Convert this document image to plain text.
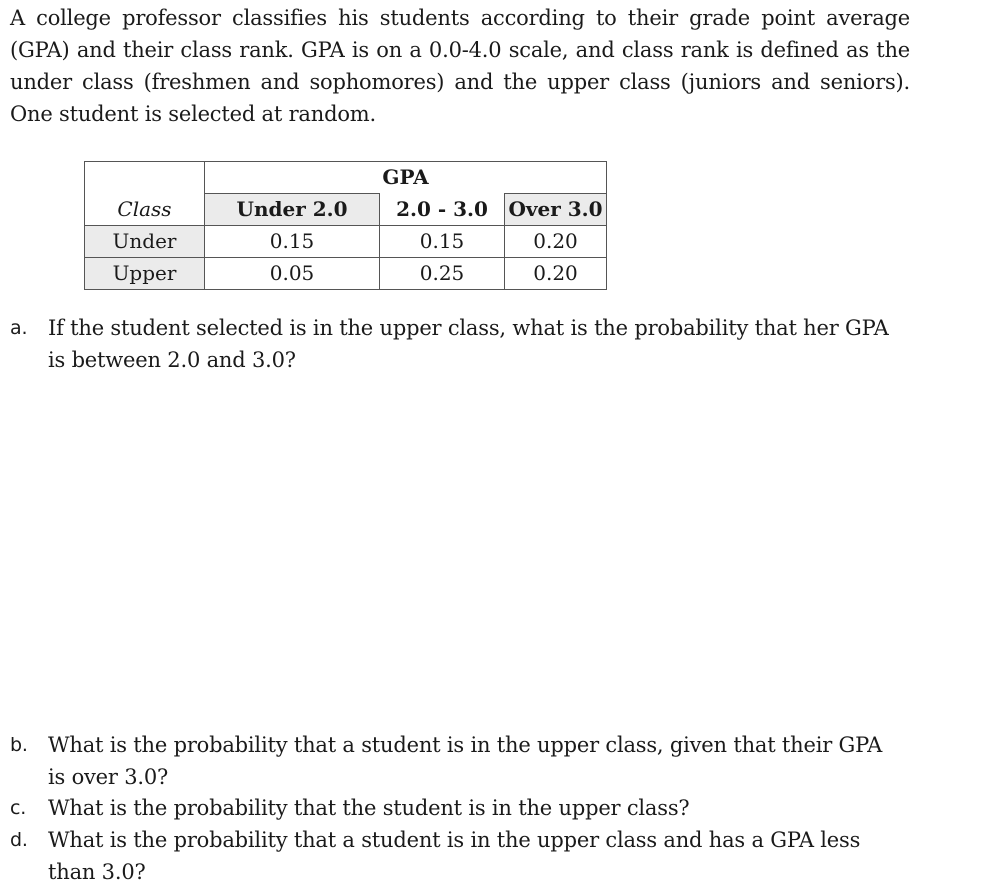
A college professor classifies his students according to their grade point average (GPA) and their class rank. GPA is on a 0.0-4.0 scale, and class rank is defined as the under class (freshmen and sophomores) and the upper class (juniors and seniors). One student is selected at random.

	GPA		
Class	Under 2.0	2.0 - 3.0	Over 3.0
Under	0.15	0.15	0.20
Upper	0.05	0.25	0.20
a. If the student selected is in the upper class, what is the probability that her GPA is between 2.0 and 3.0?
b. What is the probability that a student is in the upper class, given that their GPA is over 3.0?
c. What is the probability that the student is in the upper class?
d. What is the probability that a student is in the upper class and has a GPA less than 3.0?
